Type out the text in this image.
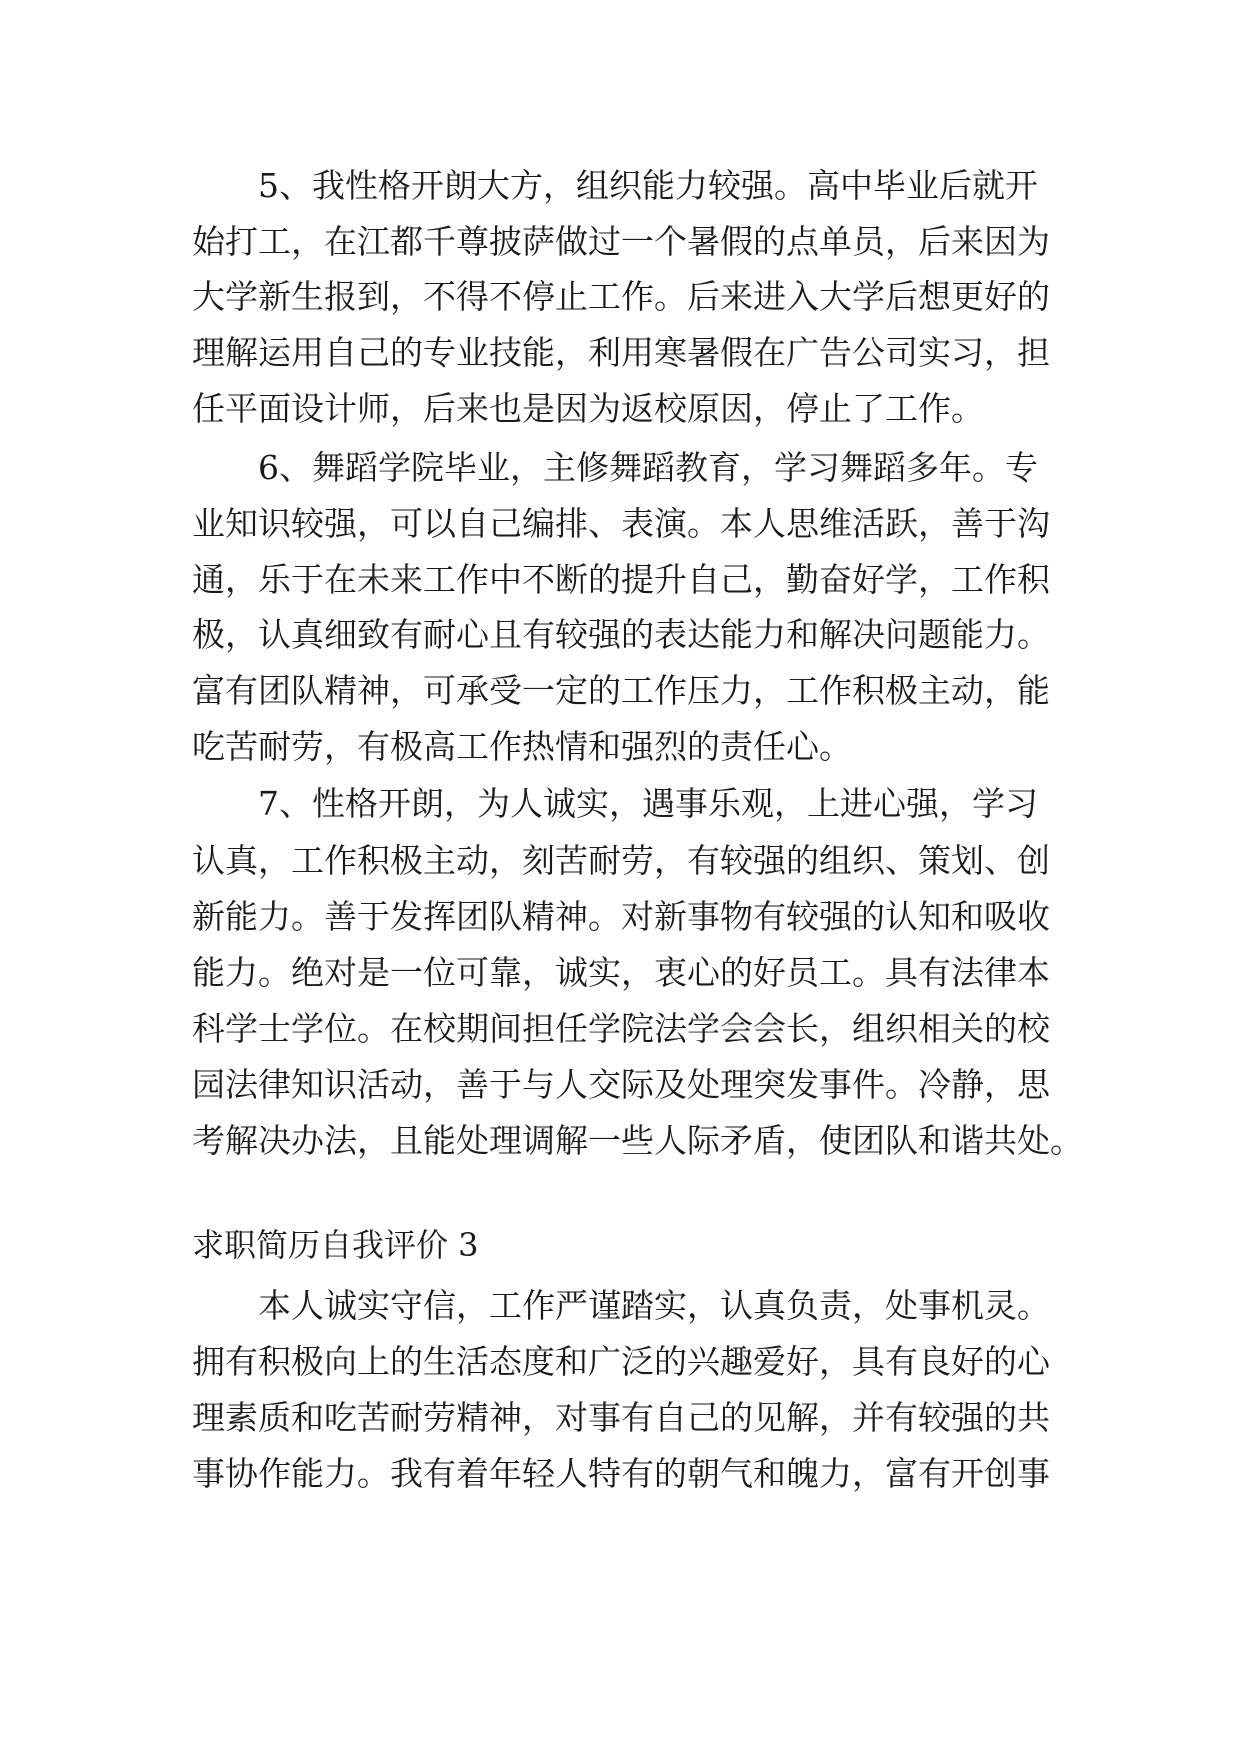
5、我性格开朗大方，组织能力较强。高中毕业后就开
始打工，在江都千尊披萨做过一个暑假的点单员，后来因为
大学新生报到，不得不停止工作。后来进入大学后想更好的
理解运用自己的专业技能，利用寒暑假在广告公司实习，担
任平面设计师，后来也是因为返校原因，停止了工作。
6、舞蹈学院毕业，主修舞蹈教育，学习舞蹈多年。专
业知识较强，可以自己编排、表演。本人思维活跃，善于沟
通，乐于在未来工作中不断的提升自己，勤奋好学，工作积
极，认真细致有耐心且有较强的表达能力和解决问题能力。
富有团队精神，可承受一定的工作压力，工作积极主动，能
吃苦耐劳，有极高工作热情和强烈的责任心。
7、性格开朗，为人诚实，遇事乐观，上进心强，学习
认真，工作积极主动，刻苦耐劳，有较强的组织、策划、创
新能力。善于发挥团队精神。对新事物有较强的认知和吸收
能力。绝对是一位可靠，诚实，衷心的好员工。具有法律本
科学士学位。在校期间担任学院法学会会长，组织相关的校
园法律知识活动，善于与人交际及处理突发事件。冷静，思
考解决办法，且能处理调解一些人际矛盾，使团队和谐共处。
求职简历自我评价 3
本人诚实守信，工作严谨踏实，认真负责，处事机灵。
拥有积极向上的生活态度和广泛的兴趣爱好，具有良好的心
理素质和吃苦耐劳精神，对事有自己的见解，并有较强的共
事协作能力。我有着年轻人特有的朝气和魄力，富有开创事
